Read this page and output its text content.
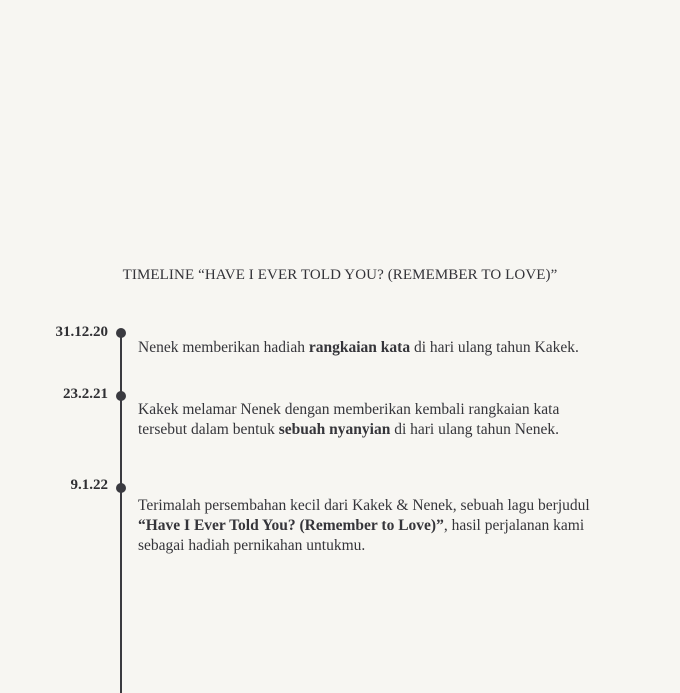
TIMELINE “HAVE I EVER TOLD YOU? (REMEMBER TO LOVE)”
31.12.20
Nenek memberikan hadiah rangkaian kata di hari ulang tahun Kakek.
23.2.21
Kakek melamar Nenek dengan memberikan kembali rangkaian kata tersebut dalam bentuk sebuah nyanyian di hari ulang tahun Nenek.
9.1.22
Terimalah persembahan kecil dari Kakek & Nenek, sebuah lagu berjudul “Have I Ever Told You? (Remember to Love)”, hasil perjalanan kami sebagai hadiah pernikahan untukmu.
